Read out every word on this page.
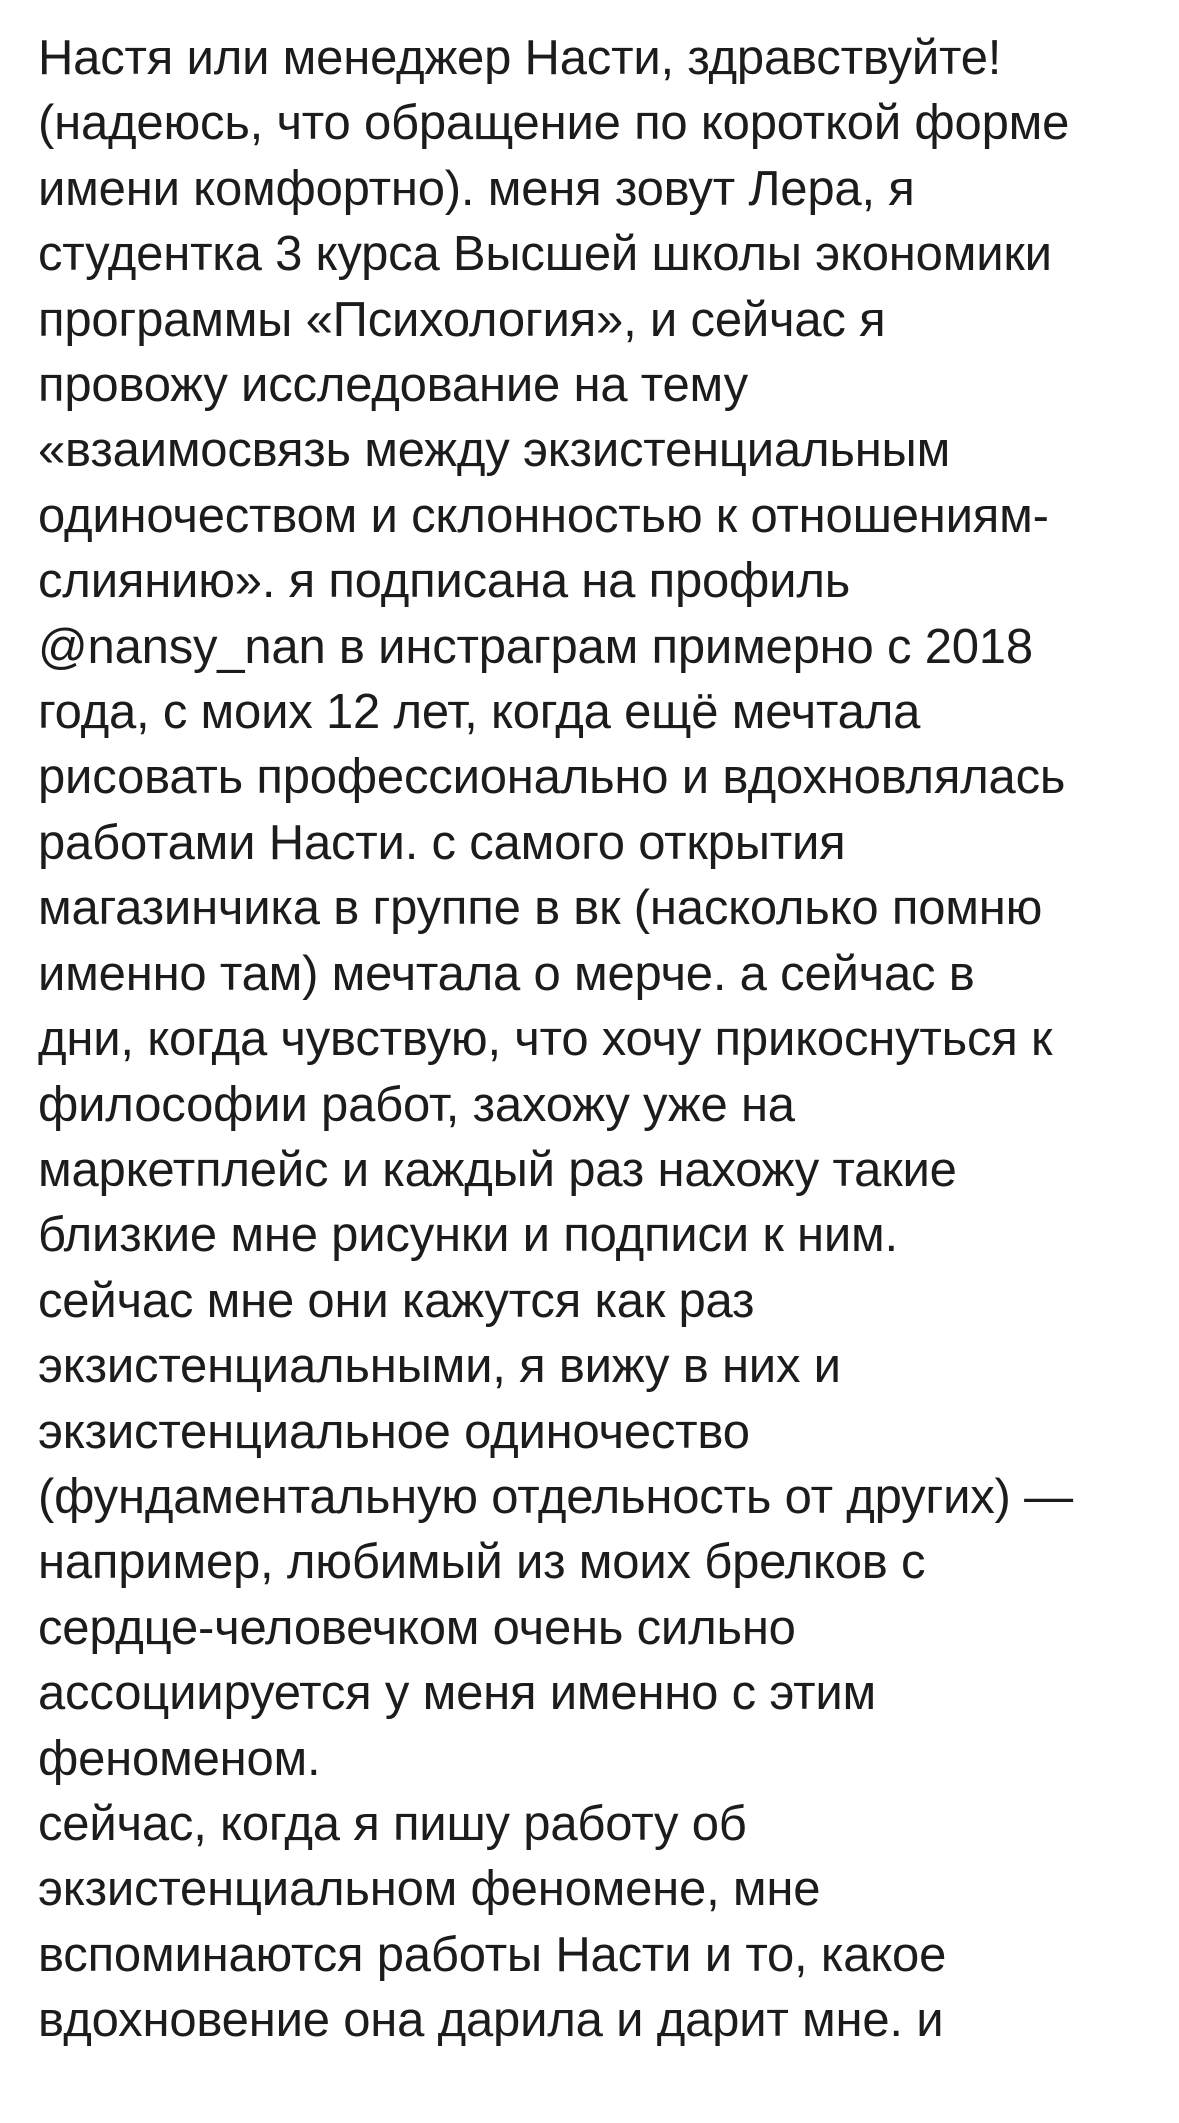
Настя или менеджер Насти, здравствуйте!
(надеюсь, что обращение по короткой форме
имени комфортно). меня зовут Лера, я
студентка 3 курса Высшей школы экономики
программы «Психология», и сейчас я
провожу исследование на тему
«взаимосвязь между экзистенциальным
одиночеством и склонностью к отношениям-
слиянию». я подписана на профиль
@nansy_nan в инстраграм примерно с 2018
года, с моих 12 лет, когда ещё мечтала
рисовать профессионально и вдохновлялась
работами Насти. с самого открытия
магазинчика в группе в вк (насколько помню
именно там) мечтала о мерче. а сейчас в
дни, когда чувствую, что хочу прикоснуться к
философии работ, захожу уже на
маркетплейс и каждый раз нахожу такие
близкие мне рисунки и подписи к ним.
сейчас мне они кажутся как раз
экзистенциальными, я вижу в них и
экзистенциальное одиночество
(фундаментальную отдельность от других) —
например, любимый из моих брелков с
сердце-человечком очень сильно
ассоциируется у меня именно с этим
феноменом.
сейчас, когда я пишу работу об
экзистенциальном феномене, мне
вспоминаются работы Насти и то, какое
вдохновение она дарила и дарит мне. и
